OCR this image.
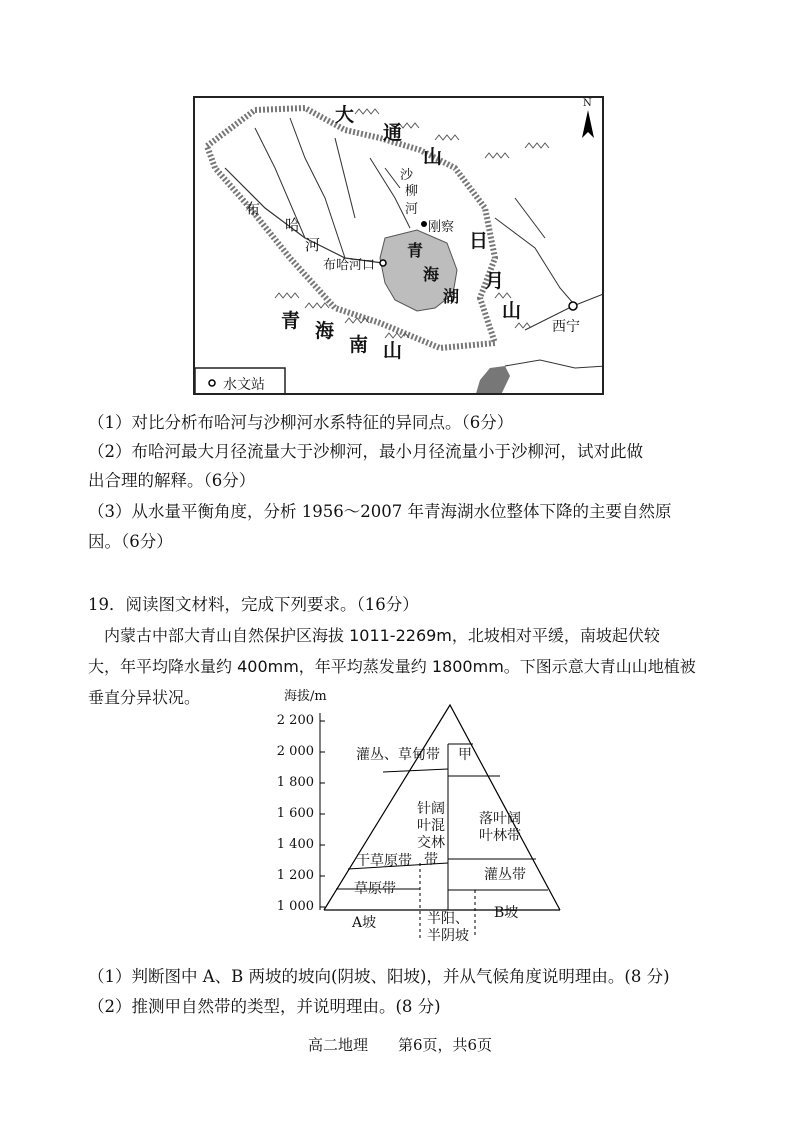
大
通
山
沙
柳
河
刚察
布
哈
河
布哈河口
青
海
湖
日
月
山
西宁
青 海
南 山
N
水文站
（1）对比分析布哈河与沙柳河水系特征的异同点。（6分）
（2）布哈河最大月径流量大于沙柳河，最小月径流量小于沙柳河，试对此做
出合理的解释。（6分）
（3）从水量平衡角度，分析 1956～2007 年青海湖水位整体下降的主要自然原
因。（6分）
19．阅读图文材料，完成下列要求。（16分）
内蒙古中部大青山自然保护区海拔 1011-2269m，北坡相对平缓，南坡起伏较
大，年平均降水量约 400mm，年平均蒸发量约 1800mm。下图示意大青山山地植被
垂直分异状况。	海拔/m
2 200
2 000
1 800
1 600
1 400
1 200
1 000
灌丛、草甸带 甲
针阔
叶混
交林带
落叶阔
叶林带
干草原带
草原带
灌丛带
A坡	半阳、
半阴坡
B坡
（1）判断图中 A、B 两坡的坡向(阴坡、阳坡)，并从气候角度说明理由。(8 分)
（2）推测甲自然带的类型，并说明理由。(8 分)
高二地理　　第6页，共6页
